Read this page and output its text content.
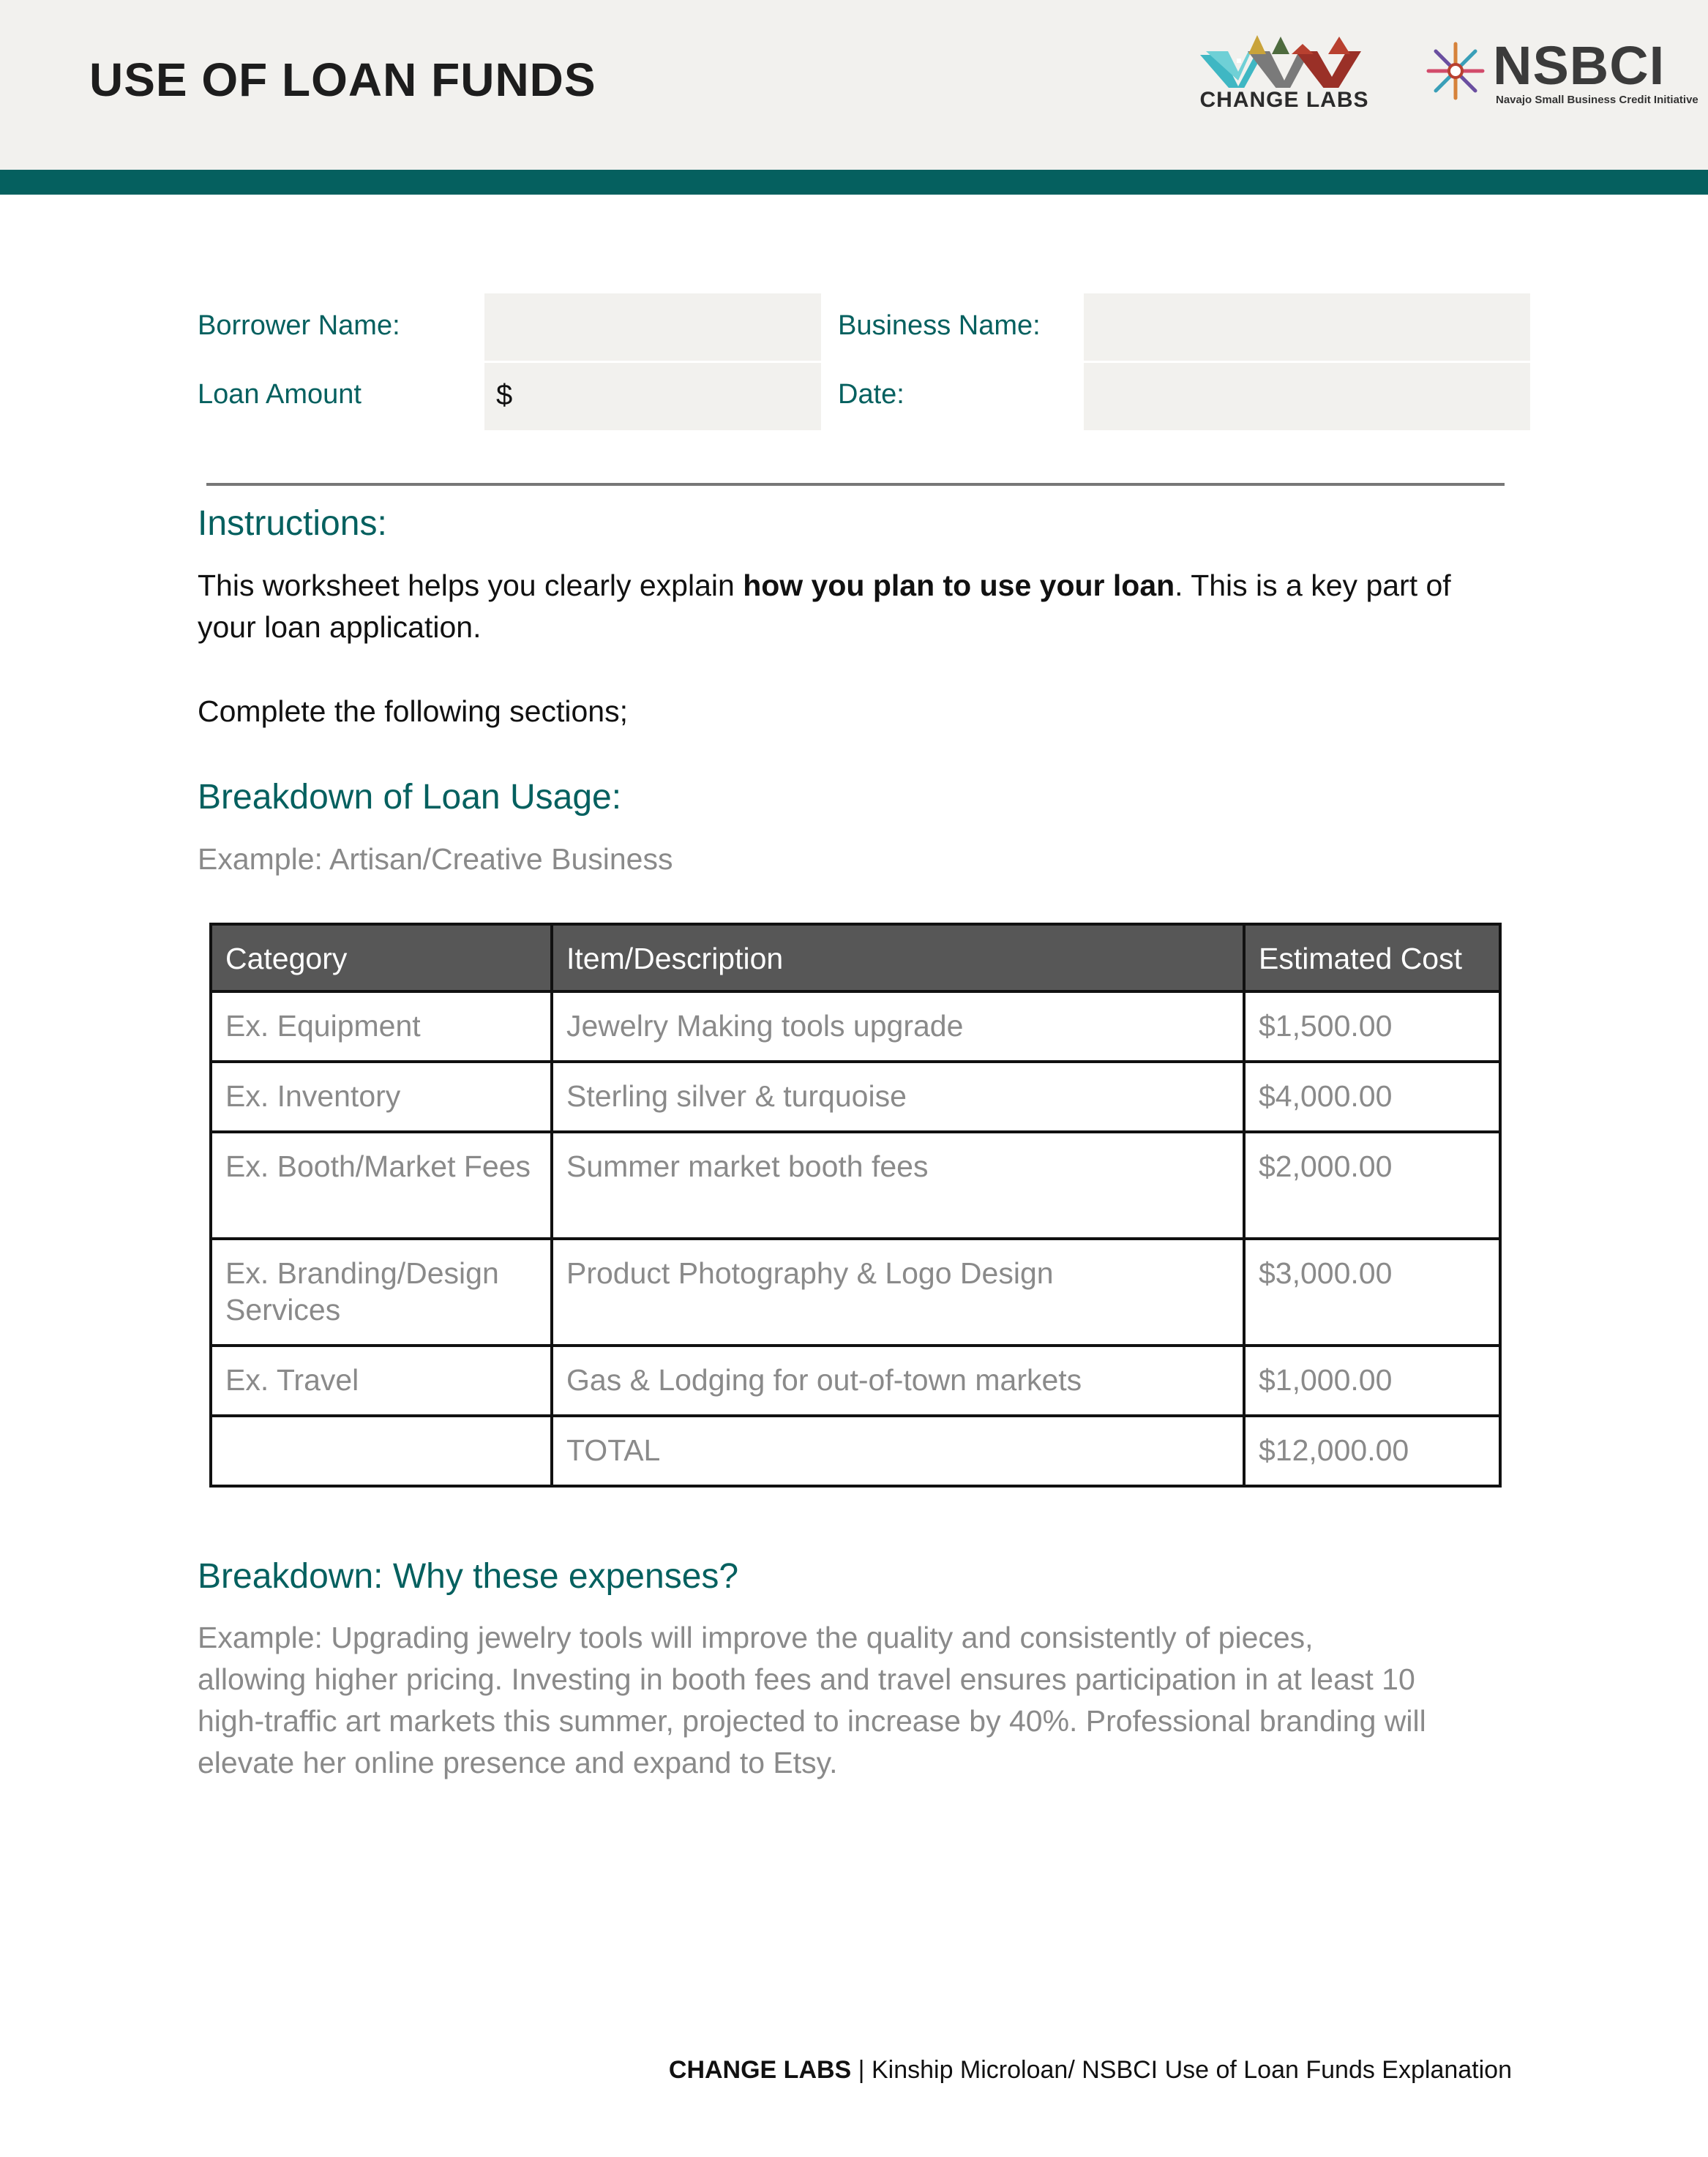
USE OF LOAN FUNDS	CHANGE LABS
NSBCI
Navajo Small Business Credit Initiative
Borrower Name:	Business Name:
Loan Amount	$	Date:
Instructions:
This worksheet helps you clearly explain how you plan to use your loan. This is a key part of
your loan application.
Complete the following sections;
Breakdown of Loan Usage:
Example: Artisan/Creative Business
Category	Item/Description	Estimated Cost
Ex. Equipment	Jewelry Making tools upgrade	$1,500.00
Ex. Inventory	Sterling silver & turquoise	$4,000.00
Ex. Booth/Market Fees	Summer market booth fees	$2,000.00
Ex. Branding/Design Services	Product Photography & Logo Design	$3,000.00
Ex. Travel	Gas & Lodging for out-of-town markets	$1,000.00
	TOTAL	$12,000.00
Breakdown: Why these expenses?
Example: Upgrading jewelry tools will improve the quality and consistently of pieces,
allowing higher pricing. Investing in booth fees and travel ensures participation in at least 10
high-traffic art markets this summer, projected to increase by 40%. Professional branding will
elevate her online presence and expand to Etsy.
CHANGE LABS | Kinship Microloan/ NSBCI Use of Loan Funds Explanation
